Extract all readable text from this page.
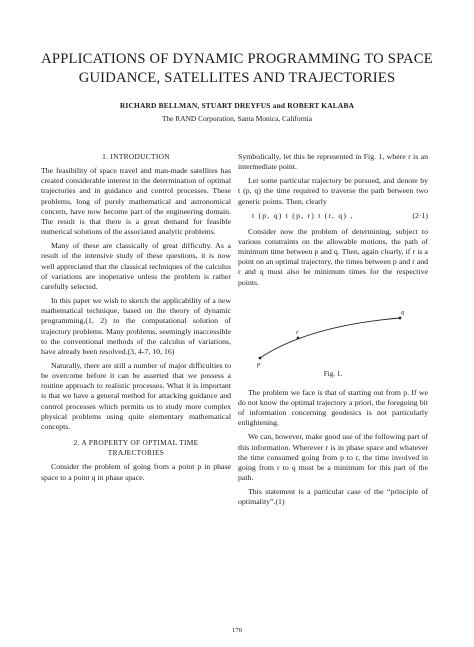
APPLICATIONS OF DYNAMIC PROGRAMMING TO SPACE
GUIDANCE, SATELLITES AND TRAJECTORIES
RICHARD BELLMAN, STUART DREYFUS and ROBERT KALABA
The RAND Corporation, Santa Monica, California
1. INTRODUCTION

The feasibility of space travel and man-made satellites has created considerable interest in the determination of optimal trajectories and in guidance and control processes. These problems, long of purely mathematical and astronomical concern, have now become part of the engineering domain. The result is that there is a great demand for feasible numerical solutions of the associated analytic problems.

Many of these are classically of great difficulty. As a result of the intensive study of these questions, it is now well appreciated that the classical techniques of the calculus of variations are inoperative unless the problem is rather carefully selected.

In this paper we wish to sketch the applicability of a new mathematical technique, based on the theory of dynamic programming,(1, 2) to the computational solution of trajectory problems. Many problems, seemingly inaccessible to the conventional methods of the calculus of variations, have already been resolved.(3, 4-7, 10, 16)

Naturally, there are still a number of major difficulties to be overcome before it can be asserted that we possess a routine approach to realistic processes. What it is important is that we have a general method for attacking guidance and control processes which permits us to study more complex physical problems using quite elementary mathematical concepts.

2. A PROPERTY OF OPTIMAL TIME
TRAJECTORIES

Consider the problem of going from a point p in phase space to a point q in phase space.

Symbolically, let this be represented in Fig. 1, where r is an intermediate point.

Let some particular trajectory be pursued, and denote by t (p, q) the time required to traverse the path between two generic points. Then, clearly

t (p, q) t (p, r) t (r, q) ,	(2·1)

Consider now the problem of determining, subject to various constraints on the allowable motions, the path of minimum time between p and q. Then, again clearly, if r is a point on an optimal trajectory, the times between p and r and r and q must also be minimum times for the respective points.

p
r
q
Fig. 1.

The problem we face is that of starting out from p. If we do not know the optimal trajectory a priori, the foregoing bit of information concerning geodesics is not particularly enlightening.

We can, however, make good use of the following part of this information. Wherever r is in phase space and whatever the time consumed going from p to r, the time involved in going from r to q must be a minimum for this part of the path.

This statement is a particular case of the “principle of optimality”.(1)

170
